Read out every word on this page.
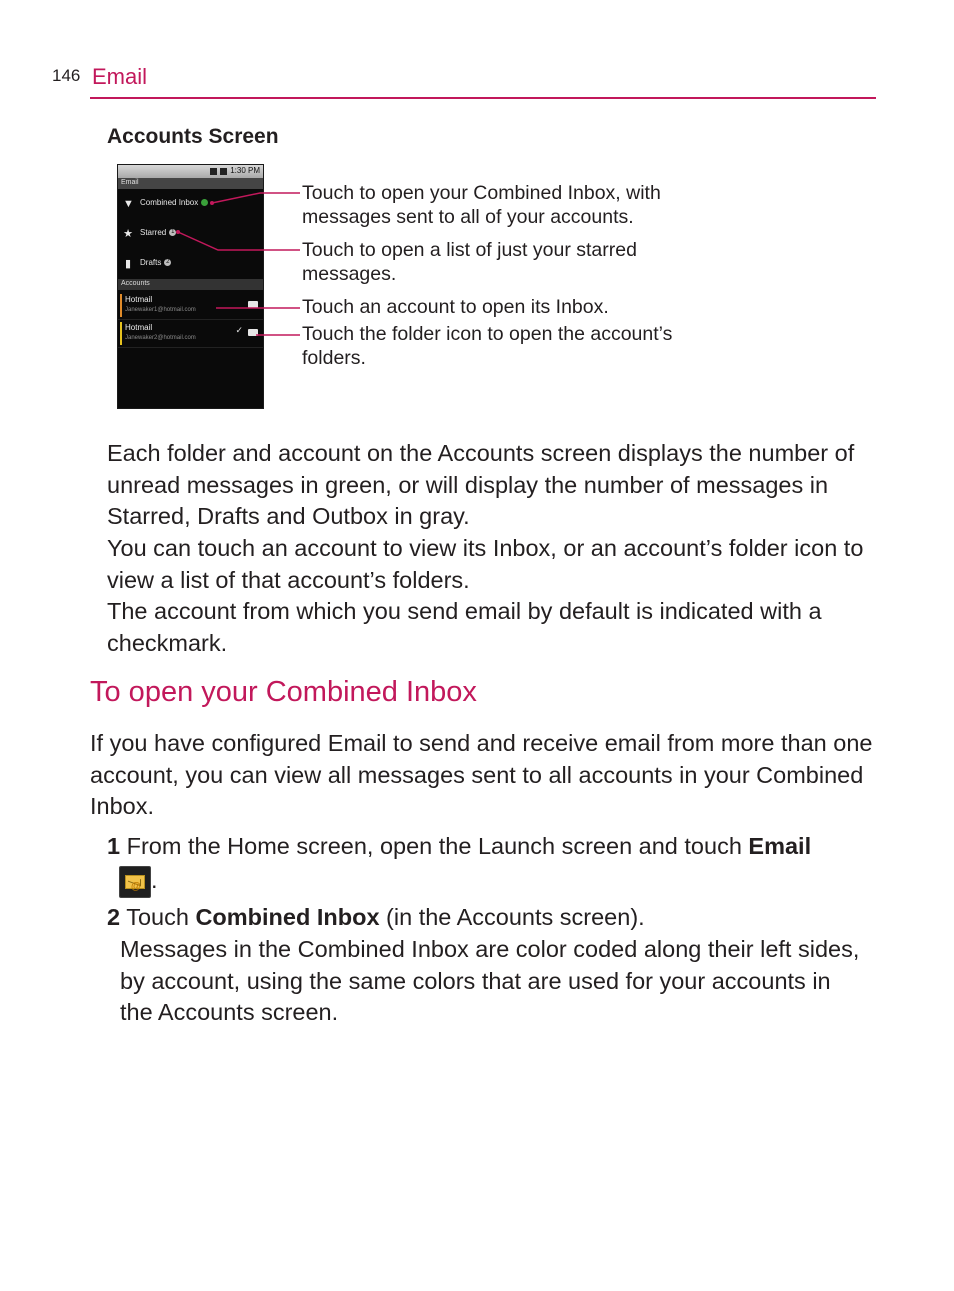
146 Email
Accounts Screen
1:30 PM
Email
▼ Combined Inbox
★ Starred 1
▮ Drafts 2
Accounts
Hotmail
Janewaker1@hotmail.com
Hotmail
Janewaker2@hotmail.com
✓
Touch to open your Combined Inbox, with messages sent to all of your accounts.
Touch to open a list of just your starred messages.
Touch an account to open its Inbox.
Touch the folder icon to open the account’s folders.
Each folder and account on the Accounts screen displays the number of unread messages in green, or will display the number of messages in Starred, Drafts and Outbox in gray.
You can touch an account to view its Inbox, or an account’s folder icon to view a list of that account’s folders.
The account from which you send email by default is indicated with a checkmark.
To open your Combined Inbox
If you have configured Email to send and receive email from more than one account, you can view all messages sent to all accounts in your Combined Inbox.
1 From the Home screen, open the Launch screen and touch Email
@ .
2 Touch Combined Inbox (in the Accounts screen).
Messages in the Combined Inbox are color coded along their left sides, by account, using the same colors that are used for your accounts in the Accounts screen.
